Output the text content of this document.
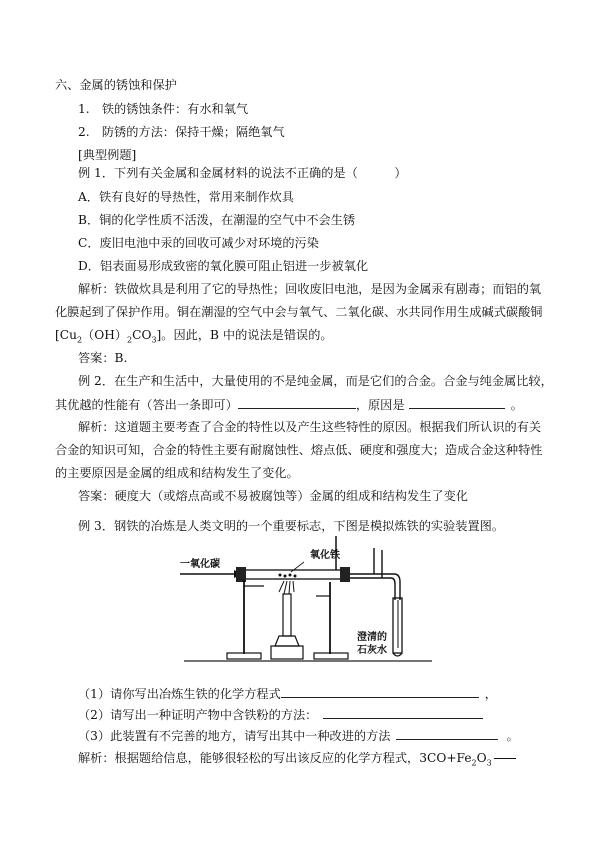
六、金属的锈蚀和保护
1.　铁的锈蚀条件：有水和氧气
2.　防锈的方法：保持干燥；隔绝氧气
[典型例题]
例 1．下列有关金属和金属材料的说法不正确的是（　　　）
A．铁有良好的导热性，常用来制作炊具
B．铜的化学性质不活泼，在潮湿的空气中不会生锈
C．废旧电池中汞的回收可减少对环境的污染
D．铝表面易形成致密的氧化膜可阻止铝进一步被氧化
解析：铁做炊具是利用了它的导热性；回收废旧电池，是因为金属汞有剧毒；而铝的氧
化膜起到了保护作用。铜在潮湿的空气中会与氧气、二氧化碳、水共同作用生成碱式碳酸铜
$[Cu_2(OH)_2CO_3]$。因此，B 中的说法是错误的。
答案：B.
例 2．在生产和生活中，大量使用的不是纯金属，而是它们的合金。合金与纯金属比较，
其优越的性能有（答出一条即可）	，原因是	。
解析：这道题主要考查了合金的特性以及产生这些特性的原因。根据我们所认识的有关
合金的知识可知，合金的特性主要有耐腐蚀性、熔点低、硬度和强度大；造成合金这种特性
的主要原因是金属的组成和结构发生了变化。
答案：硬度大（或熔点高或不易被腐蚀等）金属的组成和结构发生了变化
例 3．钢铁的冶炼是人类文明的一个重要标志，下图是模拟炼铁的实验装置图。
一氧化碳
氧化铁
澄清的
石灰水
（1）请你写出冶炼生铁的化学方程式	，
（2）请写出一种证明产物中含铁粉的方法：
（3）此装置有不完善的地方，请写出其中一种改进的方法	。
解析：根据题给信息，能够很轻松的写出该反应的化学方程式，$3CO+Fe_2O_3$
